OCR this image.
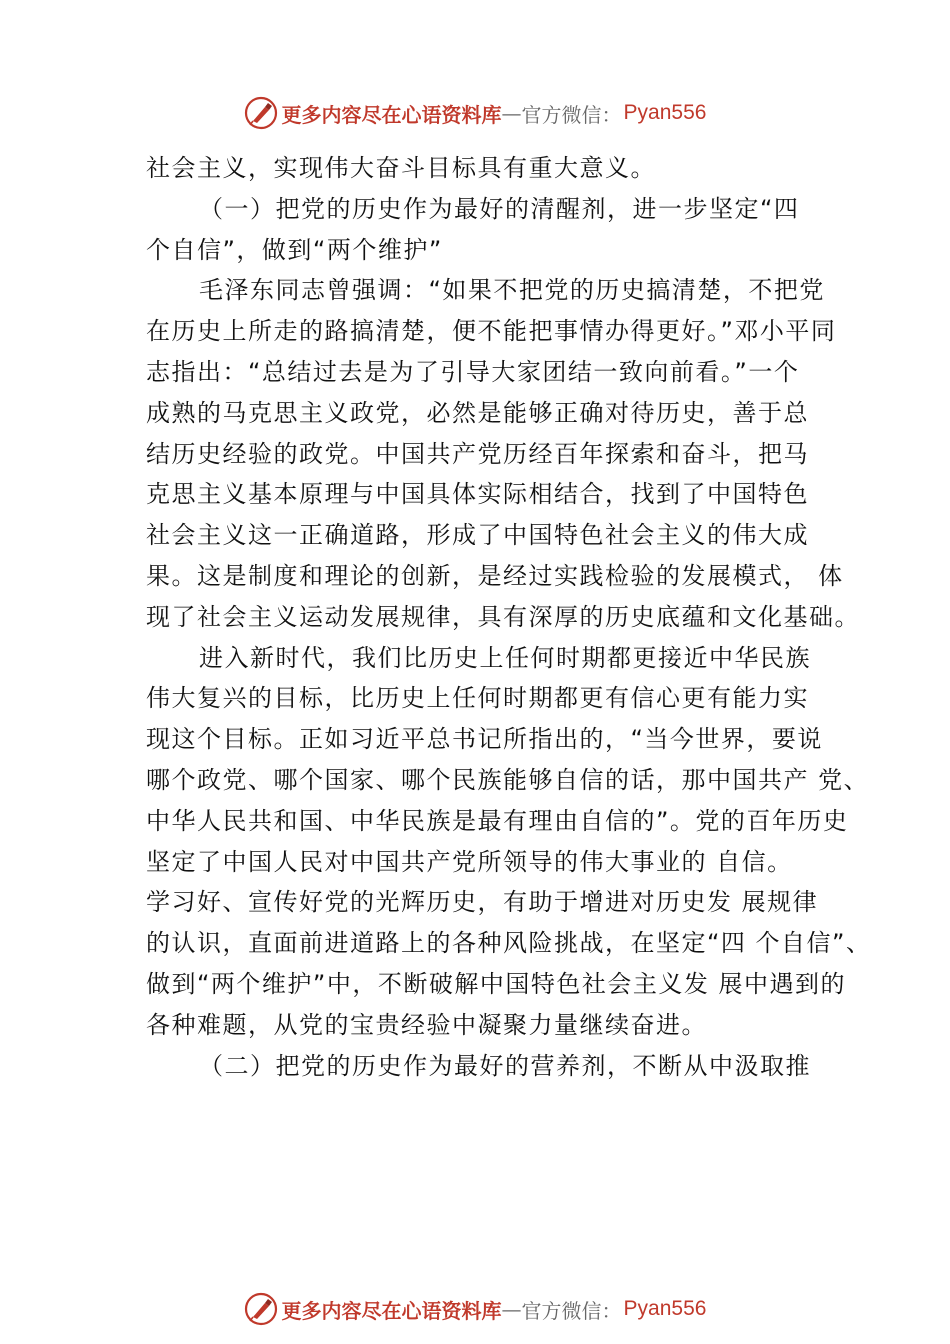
更多内容尽在心语资料库 — 官方微信： Pyan556
社会主义，实现伟大奋斗目标具有重大意义。
（一）把党的历史作为最好的清醒剂，进一步坚定“四
个自信”，做到“两个维护”
毛泽东同志曾强调：“如果不把党的历史搞清楚，不把党
在历史上所走的路搞清楚，便不能把事情办得更好。”邓小平同
志指出：“总结过去是为了引导大家团结一致向前看。”一个
成熟的马克思主义政党，必然是能够正确对待历史，善于总
结历史经验的政党。中国共产党历经百年探索和奋斗，把马
克思主义基本原理与中国具体实际相结合，找到了中国特色
社会主义这一正确道路，形成了中国特色社会主义的伟大成
果。这是制度和理论的创新，是经过实践检验的发展模式， 体
现了社会主义运动发展规律，具有深厚的历史底蕴和文化基础。
进入新时代，我们比历史上任何时期都更接近中华民族
伟大复兴的目标，比历史上任何时期都更有信心更有能力实
现这个目标。正如习近平总书记所指出的，“当今世界，要说
哪个政党、哪个国家、哪个民族能够自信的话，那中国共产 党、
中华人民共和国、中华民族是最有理由自信的”。党的百年历史
坚定了中国人民对中国共产党所领导的伟大事业的 自信。
学习好、宣传好党的光辉历史，有助于增进对历史发 展规律
的认识，直面前进道路上的各种风险挑战，在坚定“四 个自信”、
做到“两个维护”中，不断破解中国特色社会主义发 展中遇到的
各种难题，从党的宝贵经验中凝聚力量继续奋进。
（二）把党的历史作为最好的营养剂，不断从中汲取推
更多内容尽在心语资料库 — 官方微信： Pyan556
